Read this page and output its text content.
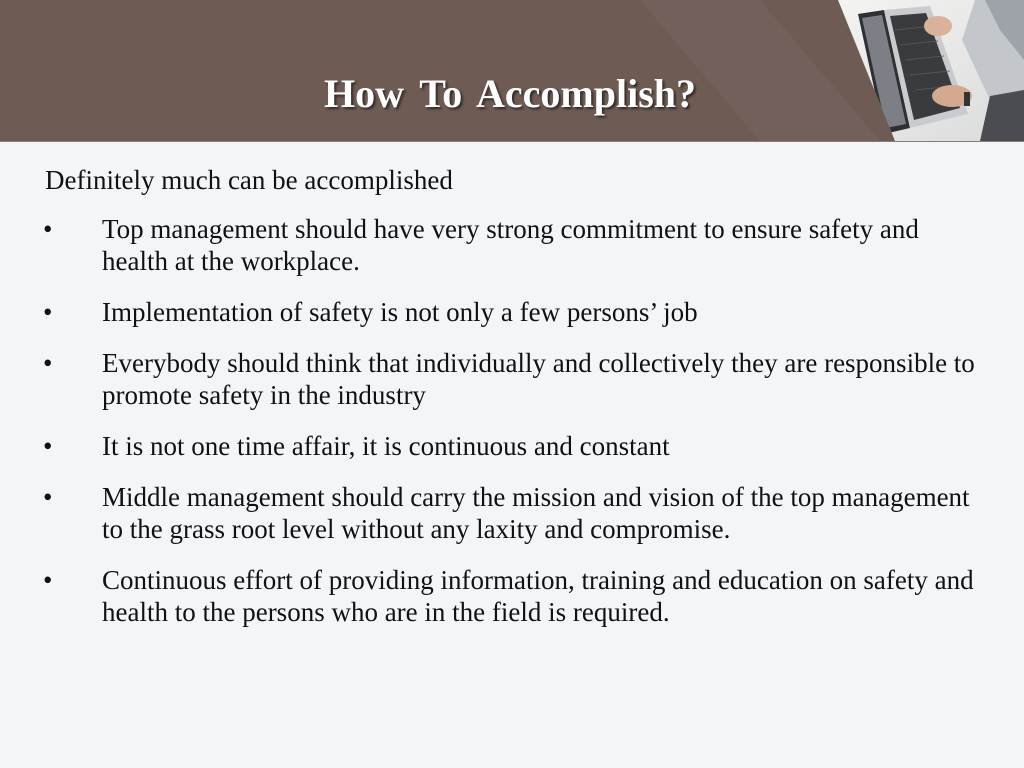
How To Accomplish?

Definitely much can be accomplished

•	Top management should have very strong commitment to ensure safety and health at the workplace.
•	Implementation of safety is not only a few persons’ job
•	Everybody should think that individually and collectively they are responsible to promote safety in the industry
•	It is not one time affair, it is continuous and constant
•	Middle management should carry the mission and vision of the top management to the grass root level without any laxity and compromise.
•	Continuous effort of providing information, training and education on safety and health to the persons who are in the field is required.
